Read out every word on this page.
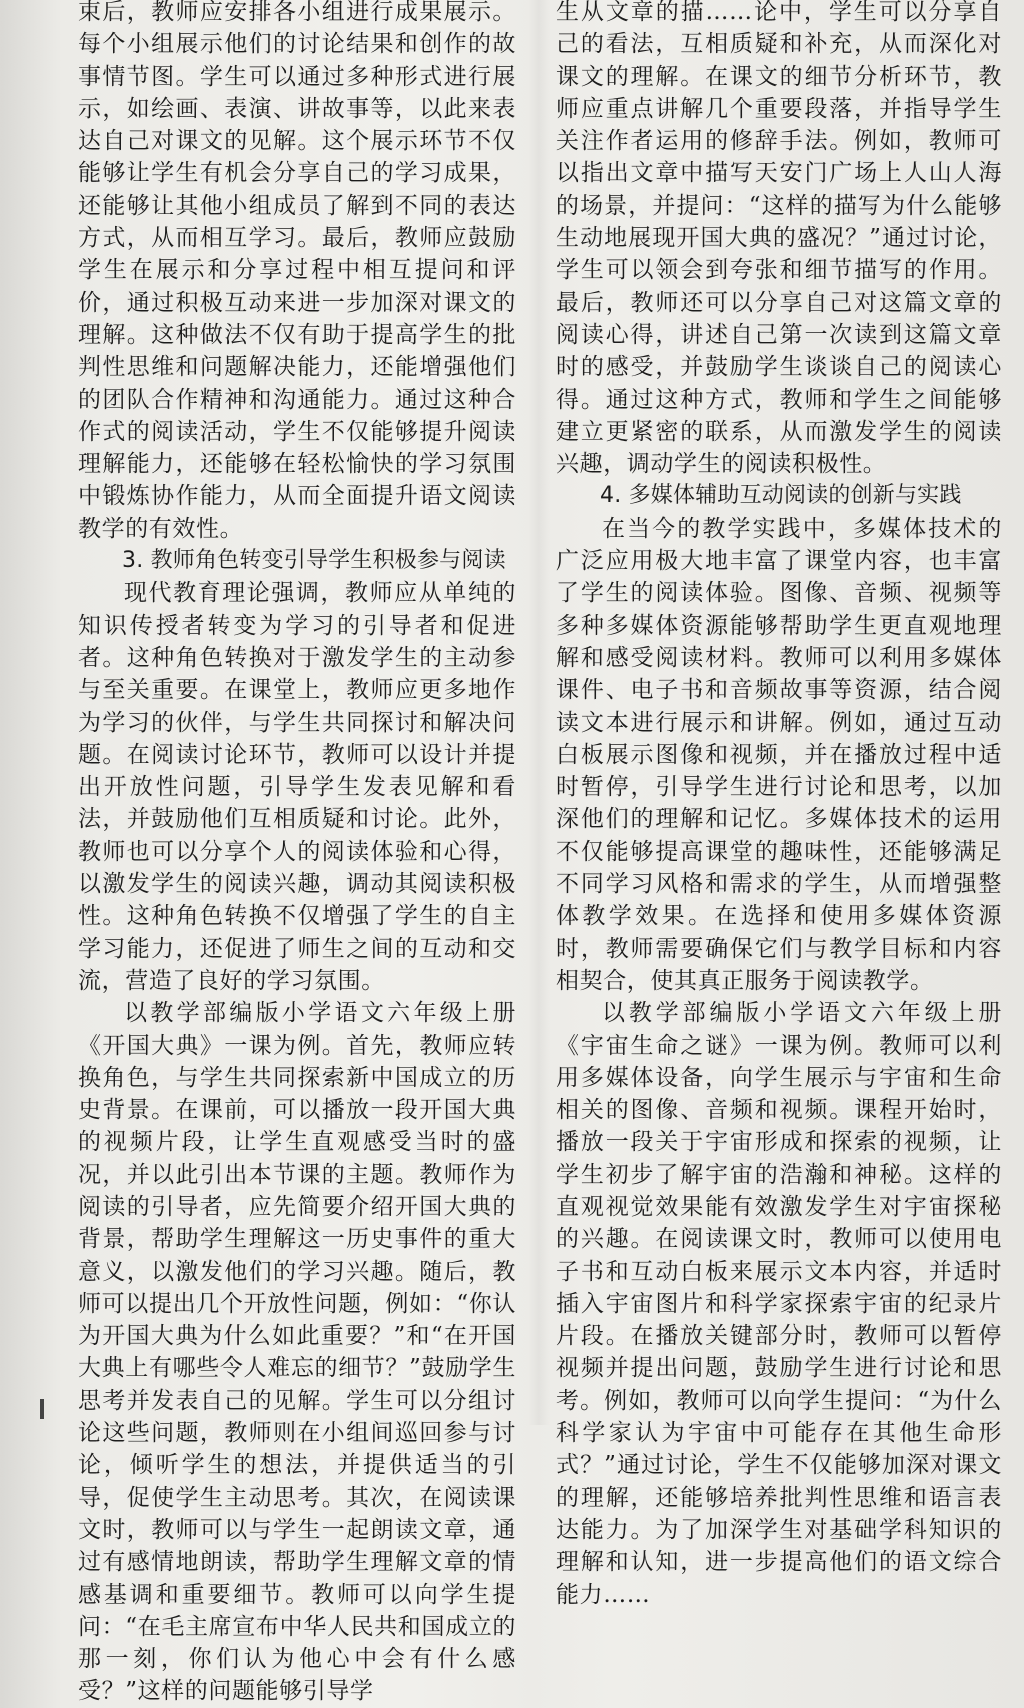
束后，教师应安排各小组进行成果展示。每个小组展示他们的讨论结果和创作的故事情节图。学生可以通过多种形式进行展示，如绘画、表演、讲故事等，以此来表达自己对课文的见解。这个展示环节不仅能够让学生有机会分享自己的学习成果，还能够让其他小组成员了解到不同的表达方式，从而相互学习。最后，教师应鼓励学生在展示和分享过程中相互提问和评价，通过积极互动来进一步加深对课文的理解。这种做法不仅有助于提高学生的批判性思维和问题解决能力，还能增强他们的团队合作精神和沟通能力。通过这种合作式的阅读活动，学生不仅能够提升阅读理解能力，还能够在轻松愉快的学习氛围中锻炼协作能力，从而全面提升语文阅读教学的有效性。

3. 教师角色转变引导学生积极参与阅读

现代教育理论强调，教师应从单纯的知识传授者转变为学习的引导者和促进者。这种角色转换对于激发学生的主动参与至关重要。在课堂上，教师应更多地作为学习的伙伴，与学生共同探讨和解决问题。在阅读讨论环节，教师可以设计并提出开放性问题，引导学生发表见解和看法，并鼓励他们互相质疑和讨论。此外，教师也可以分享个人的阅读体验和心得，以激发学生的阅读兴趣，调动其阅读积极性。这种角色转换不仅增强了学生的自主学习能力，还促进了师生之间的互动和交流，营造了良好的学习氛围。

以教学部编版小学语文六年级上册《开国大典》一课为例。首先，教师应转换角色，与学生共同探索新中国成立的历史背景。在课前，可以播放一段开国大典的视频片段，让学生直观感受当时的盛况，并以此引出本节课的主题。教师作为阅读的引导者，应先简要介绍开国大典的背景，帮助学生理解这一历史事件的重大意义，以激发他们的学习兴趣。随后，教师可以提出几个开放性问题，例如：“你认为开国大典为什么如此重要？”和“在开国大典上有哪些令人难忘的细节？”鼓励学生思考并发表自己的见解。学生可以分组讨论这些问题，教师则在小组间巡回参与讨论，倾听学生的想法，并提供适当的引导，促使学生主动思考。其次，在阅读课文时，教师可以与学生一起朗读文章，通过有感情地朗读，帮助学生理解文章的情感基调和重要细节。教师可以向学生提问：“在毛主席宣布中华人民共和国成立的那一刻，你们认为他心中会有什么感受？”这样的问题能够引导学

生从文章的描……论中，学生可以分享自己的看法，互相质疑和补充，从而深化对课文的理解。在课文的细节分析环节，教师应重点讲解几个重要段落，并指导学生关注作者运用的修辞手法。例如，教师可以指出文章中描写天安门广场上人山人海的场景，并提问：“这样的描写为什么能够生动地展现开国大典的盛况？”通过讨论，学生可以领会到夸张和细节描写的作用。最后，教师还可以分享自己对这篇文章的阅读心得，讲述自己第一次读到这篇文章时的感受，并鼓励学生谈谈自己的阅读心得。通过这种方式，教师和学生之间能够建立更紧密的联系，从而激发学生的阅读兴趣，调动学生的阅读积极性。

4. 多媒体辅助互动阅读的创新与实践

在当今的教学实践中，多媒体技术的广泛应用极大地丰富了课堂内容，也丰富了学生的阅读体验。图像、音频、视频等多种多媒体资源能够帮助学生更直观地理解和感受阅读材料。教师可以利用多媒体课件、电子书和音频故事等资源，结合阅读文本进行展示和讲解。例如，通过互动白板展示图像和视频，并在播放过程中适时暂停，引导学生进行讨论和思考，以加深他们的理解和记忆。多媒体技术的运用不仅能够提高课堂的趣味性，还能够满足不同学习风格和需求的学生，从而增强整体教学效果。在选择和使用多媒体资源时，教师需要确保它们与教学目标和内容相契合，使其真正服务于阅读教学。

以教学部编版小学语文六年级上册《宇宙生命之谜》一课为例。教师可以利用多媒体设备，向学生展示与宇宙和生命相关的图像、音频和视频。课程开始时，播放一段关于宇宙形成和探索的视频，让学生初步了解宇宙的浩瀚和神秘。这样的直观视觉效果能有效激发学生对宇宙探秘的兴趣。在阅读课文时，教师可以使用电子书和互动白板来展示文本内容，并适时插入宇宙图片和科学家探索宇宙的纪录片片段。在播放关键部分时，教师可以暂停视频并提出问题，鼓励学生进行讨论和思考。例如，教师可以向学生提问：“为什么科学家认为宇宙中可能存在其他生命形式？”通过讨论，学生不仅能够加深对课文的理解，还能够培养批判性思维和语言表达能力。为了加深学生对基础学科知识的理解和认知，进一步提高他们的语文综合能力……
